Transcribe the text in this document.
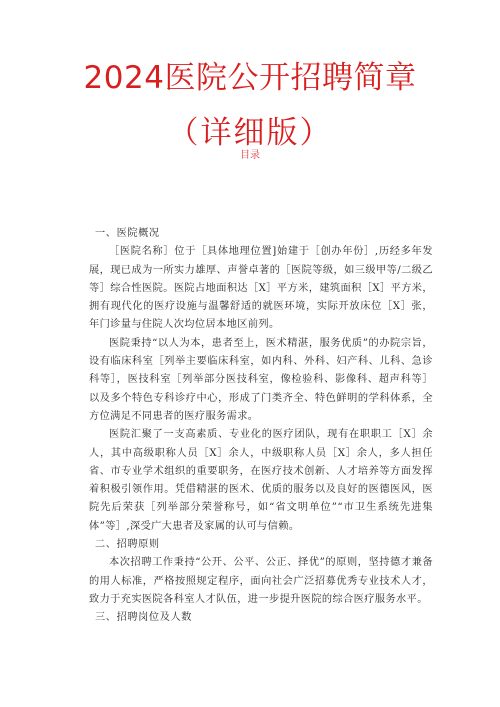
2024医院公开招聘简章
（详细版）
目录
一、医院概况

［医院名称］位于［具体地理位置]始建于［创办年份］,历经多年发展，现已成为一所实力雄厚、声誉卓著的［医院等级，如三级甲等/二级乙等］综合性医院。医院占地面积达［X］平方米，建筑面积［X］平方米，拥有现代化的医疗设施与温馨舒适的就医环境，实际开放床位［X］张，年门诊量与住院人次均位居本地区前列。

医院秉持“以人为本，患者至上，医术精湛，服务优质”的办院宗旨，设有临床科室［列举主要临床科室，如内科、外科、妇产科、儿科、急诊科等］，医技科室［列举部分医技科室，像检验科、影像科、超声科等］以及多个特色专科诊疗中心，形成了门类齐全、特色鲜明的学科体系，全方位满足不同患者的医疗服务需求。

医院汇聚了一支高素质、专业化的医疗团队，现有在职职工［X］余人，其中高级职称人员［X］余人，中级职称人员［X］余人，多人担任省、市专业学术组织的重要职务，在医疗技术创新、人才培养等方面发挥着积极引领作用。凭借精湛的医术、优质的服务以及良好的医德医风，医院先后荣获［列举部分荣誉称号，如“省文明单位”“市卫生系统先进集体”等］,深受广大患者及家属的认可与信赖。

二、招聘原则

本次招聘工作秉持“公开、公平、公正、择优”的原则，坚持德才兼备的用人标准，严格按照规定程序，面向社会广泛招募优秀专业技术人才，致力于充实医院各科室人才队伍，进一步提升医院的综合医疗服务水平。

三、招聘岗位及人数
